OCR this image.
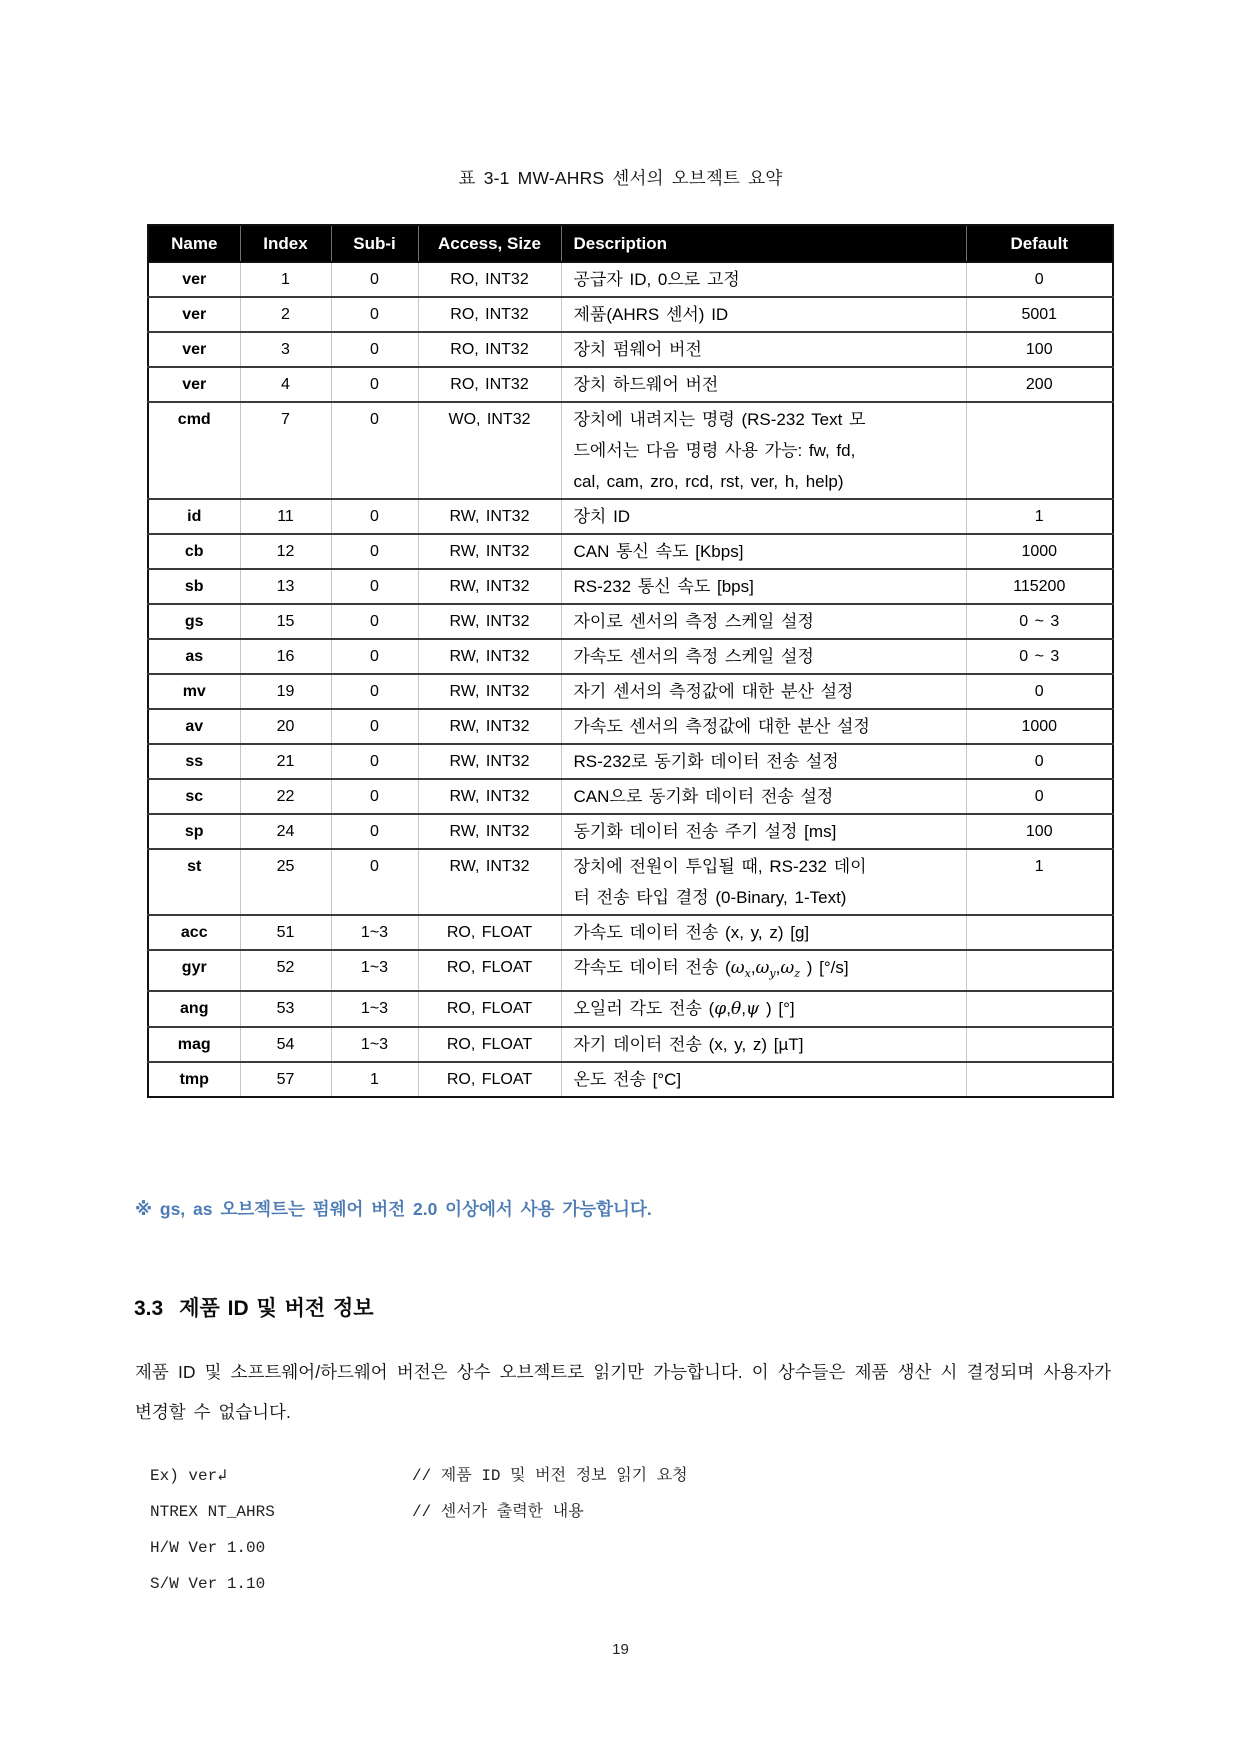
표 3-1 MW-AHRS 센서의 오브젝트 요약
Name	Index	Sub-i	Access, Size	Description	Default
ver	1	0	RO, INT32	공급자 ID, 0으로 고정	0
ver	2	0	RO, INT32	제품(AHRS 센서) ID	5001
ver	3	0	RO, INT32	장치 펌웨어 버전	100
ver	4	0	RO, INT32	장치 하드웨어 버전	200
cmd	7	0	WO, INT32	장치에 내려지는 명령 (RS-232 Text 모
드에서는 다음 명령 사용 가능: fw, fd,
cal, cam, zro, rcd, rst, ver, h, help)	

id	11	0	RW, INT32	장치 ID	1
cb	12	0	RW, INT32	CAN 통신 속도 [Kbps]	1000
sb	13	0	RW, INT32	RS-232 통신 속도 [bps]	115200
gs	15	0	RW, INT32	자이로 센서의 측정 스케일 설정	0 ~ 3
as	16	0	RW, INT32	가속도 센서의 측정 스케일 설정	0 ~ 3
mv	19	0	RW, INT32	자기 센서의 측정값에 대한 분산 설정	0
av	20	0	RW, INT32	가속도 센서의 측정값에 대한 분산 설정	1000
ss	21	0	RW, INT32	RS-232로 동기화 데이터 전송 설정	0
sc	22	0	RW, INT32	CAN으로 동기화 데이터 전송 설정	0
sp	24	0	RW, INT32	동기화 데이터 전송 주기 설정 [ms]	100
st	25	0	RW, INT32	장치에 전원이 투입될 때, RS-232 데이
터 전송 타입 결정 (0-Binary, 1-Text)	1
acc	51	1~3	RO, FLOAT	가속도 데이터 전송 (x, y, z) [g]	

gyr	52	1~3	RO, FLOAT	각속도 데이터 전송 ($\omega_x,\omega_y,\omega_z$ ) [°/s]	

ang	53	1~3	RO, FLOAT	오일러 각도 전송 (φ,θ,ψ ) [°]	

mag	54	1~3	RO, FLOAT	자기 데이터 전송 (x, y, z) [µT]	

tmp	57	1	RO, FLOAT	온도 전송 [°C]	

※ gs, as 오브젝트는 펌웨어 버전 2.0 이상에서 사용 가능합니다.
3.3 제품 ID 및 버전 정보
제품 ID 및 소프트웨어/하드웨어 버전은 상수 오브젝트로 읽기만 가능합니다. 이 상수들은 제품 생산 시 결정되며 사용자가 변경할 수 없습니다.
Ex) ver↲	// 제품 ID 및 버전 정보 읽기 요청
NTREX NT_AHRS	// 센서가 출력한 내용
H/W Ver 1.00
S/W Ver 1.10
19
